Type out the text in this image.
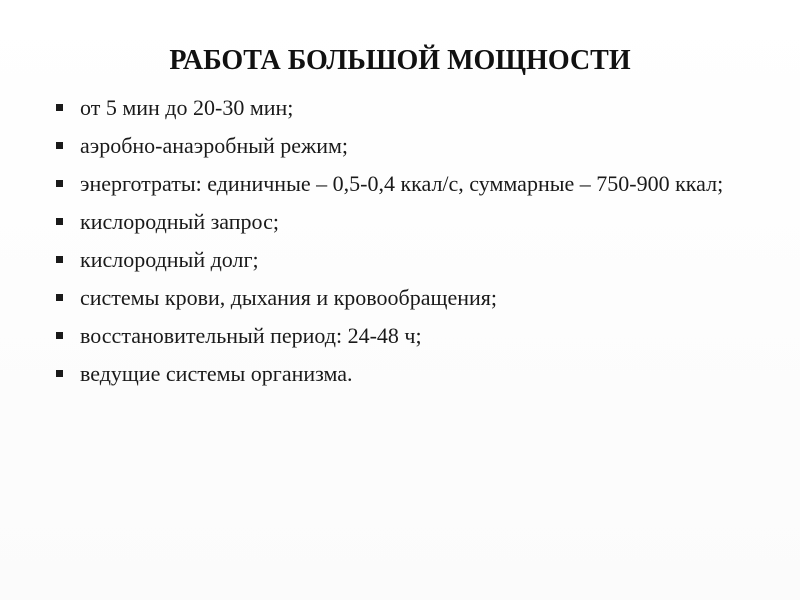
РАБОТА БОЛЬШОЙ МОЩНОСТИ
от 5 мин до 20-30 мин;
аэробно-анаэробный режим;
энерготраты: единичные – 0,5-0,4 ккал/с, суммарные – 750-900 ккал;
кислородный запрос;
кислородный долг;
системы крови, дыхания и кровообращения;
восстановительный период: 24-48 ч;
ведущие системы организма.
